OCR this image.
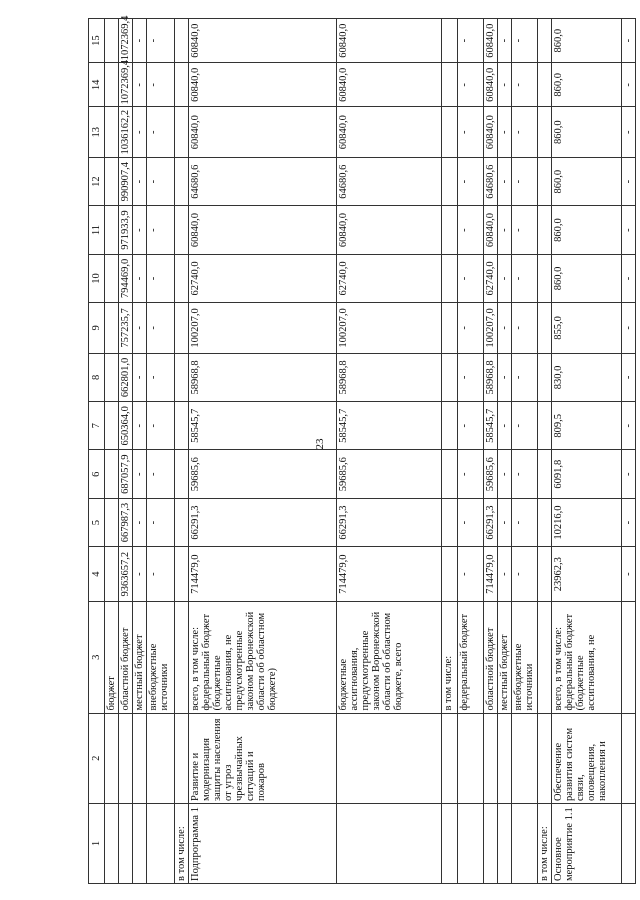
23
1	2	3	4	5	6	7	8	9	10	11	12	13	14	15
		бюджет												
		областной бюджет	9363657,2	667987,3	687057,9	650364,0	662801,0	757235,7	794469,0	971933,9	990907,4	1036162,2	1072369,4	1072369,4
		местный бюджет	-	-	-	-	-	-	-	-	-	-	-	-
		внебюджетные источники	-	-	-	-	-	-	-	-	-	-	-	-
в том числе:														
Подпрограмма 1	Развитие и модернизация защиты населения от угроз чрезвычайных ситуаций и пожаров	всего, в том числе: федеральный бюджет (бюджетные ассигнования, не предусмотренные законом Воронежской области об областном бюджете)	714479,0	66291,3	59685,6	58545,7	58968,8	100207,0	62740,0	60840,0	64680,6	60840,0	60840,0	60840,0
		бюджетные ассигнования, предусмотренные законом Воронежской области об областном бюджете, всего	714479,0	66291,3	59685,6	58545,7	58968,8	100207,0	62740,0	60840,0	64680,6	60840,0	60840,0	60840,0
		в том числе:												
		федеральный бюджет	-	-	-	-	-	-	-	-	-	-	-	-
		областной бюджет	714479,0	66291,3	59685,6	58545,7	58968,8	100207,0	62740,0	60840,0	64680,6	60840,0	60840,0	60840,0
		местный бюджет	-	-	-	-	-	-	-	-	-	-	-	-
		внебюджетные источники	-	-	-	-	-	-	-	-	-	-	-	-
в том числе:														
Основное мероприятие 1.1	Обеспечение развития систем связи, оповещения, накопления и	всего, в том числе: федеральный бюджет (бюджетные ассигнования, не	23962,3	10216,0	6091,8	809,5	830,0	855,0	860,0	860,0	860,0	860,0	860,0	860,0
			-	-	-	-	-	-	-	-	-	-	-	-
